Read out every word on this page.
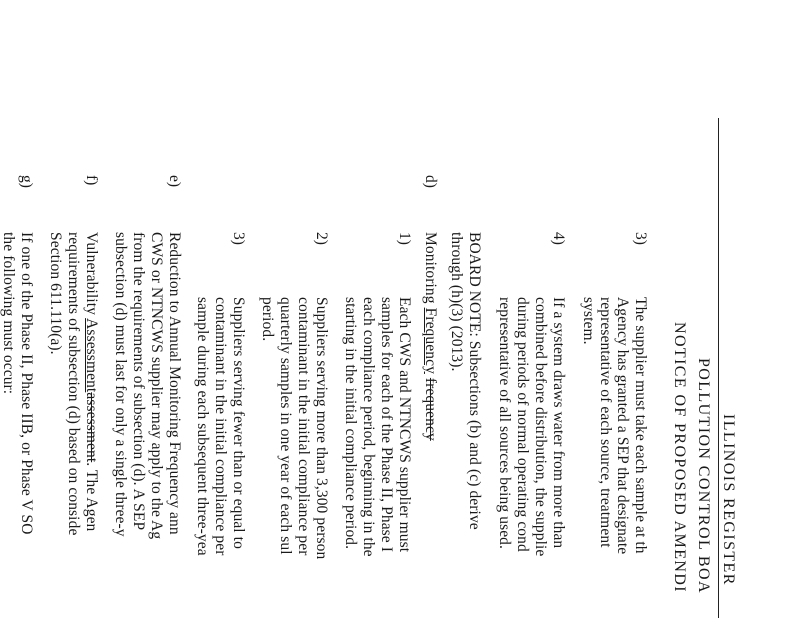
ILLINOIS REGISTER
POLLUTION CONTROL BOA
NOTICE OF PROPOSED AMENDI
3)
The supplier must take each sample at th
Agency has granted a SEP that designate
representative of each source, treatment
system.
4)
If a system draws water from more than
combined before distribution, the supplie
during periods of normal operating cond
representative of all sources being used.
BOARD NOTE: Subsections (b) and (c) derive
through (h)(3) (2013).
d)
Monitoring Frequency frequency
1)
Each CWS and NTNCWS supplier must
samples for each of the Phase II, Phase I
each compliance period, beginning in the
starting in the initial compliance period.
2)
Suppliers serving more than 3,300 person
contaminant in the initial compliance per
quarterly samples in one year of each sul
period.
3)
Suppliers serving fewer than or equal to
contaminant in the initial compliance per
sample during each subsequent three-yea
e)
Reduction to Annual Monitoring Frequency ann
CWS or NTNCWS supplier may apply to the Ag
from the requirements of subsection (d). A SEP
subsection (d) must last for only a single three-y
f)
Vulnerability Assessmentassessment. The Agen
requirements of subsection (d) based on conside
Section 611.110(a).
g)
If one of the Phase II, Phase IIB, or Phase V SO
the following must occur:
